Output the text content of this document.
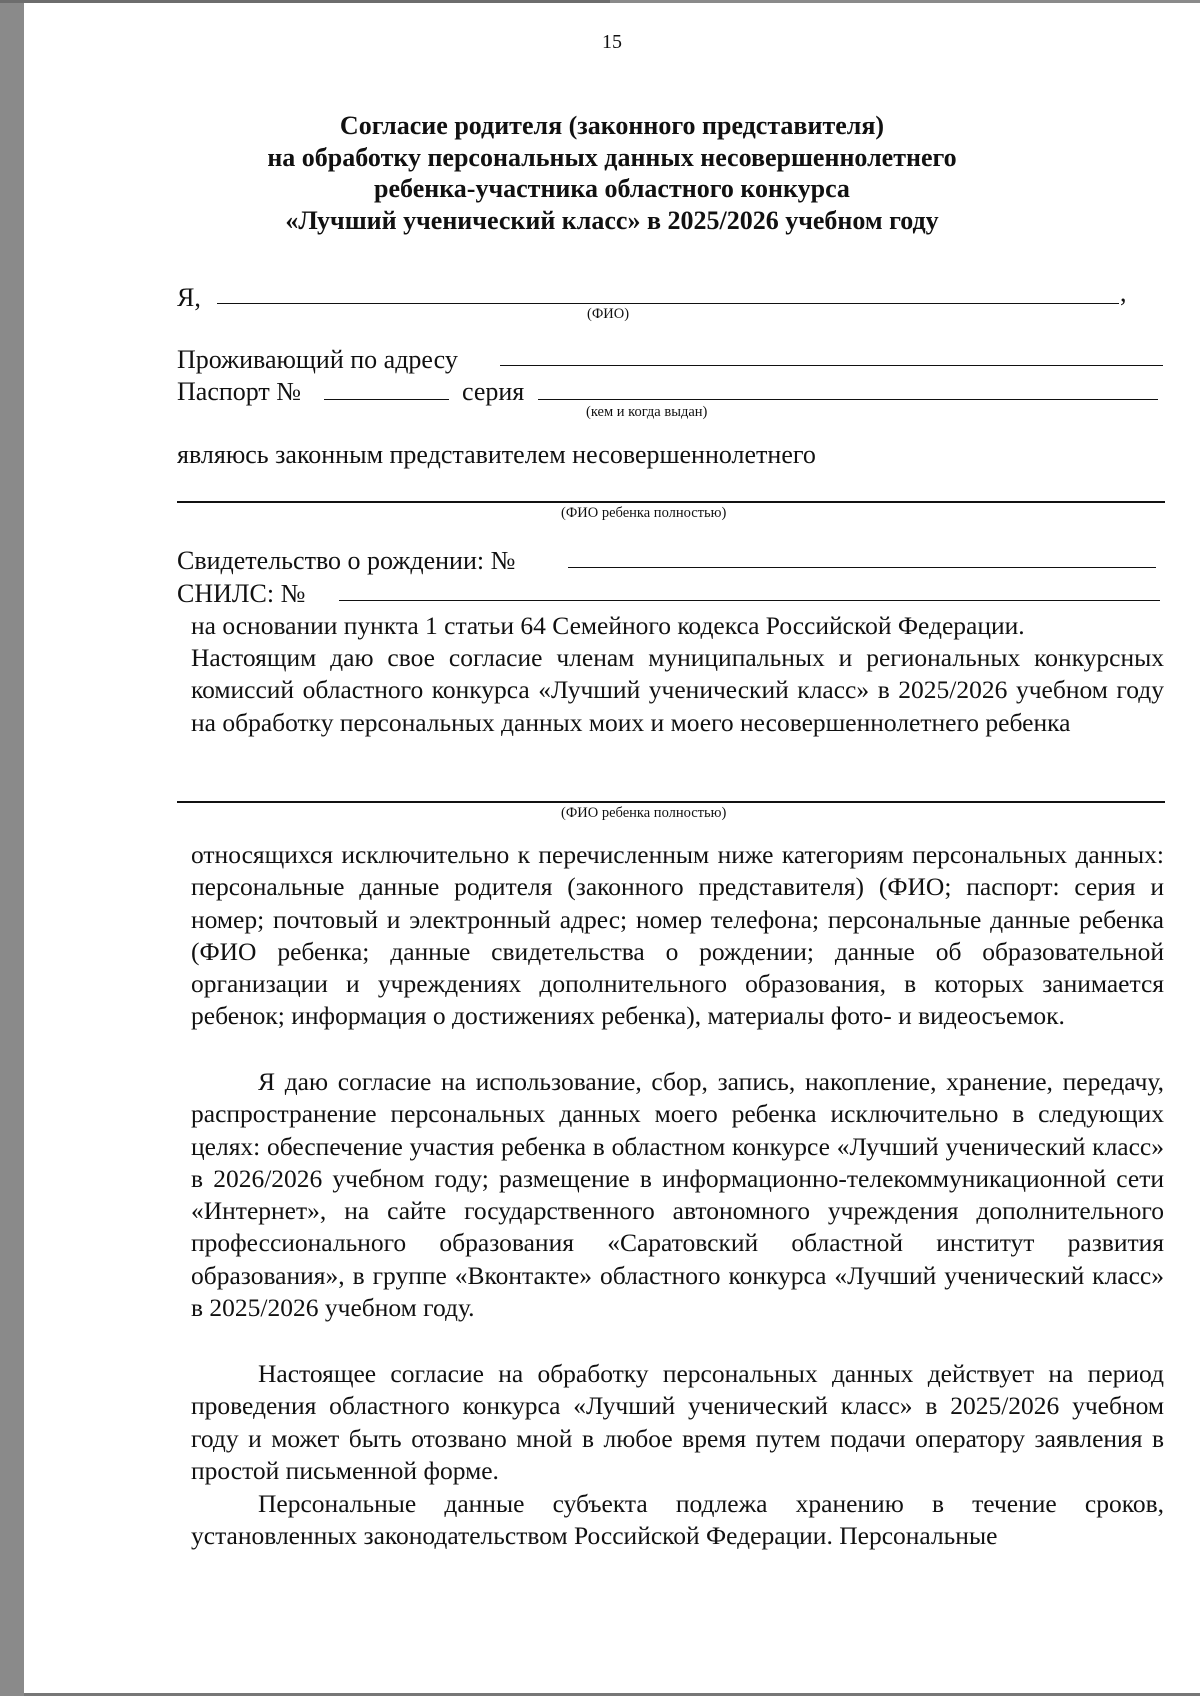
15
Согласие родителя (законного представителя)
на обработку персональных данных несовершеннолетнего
ребенка-участника областного конкурса
«Лучший ученический класс» в 2025/2026 учебном году
Я,	,
(ФИО)
Проживающий по адресу
Паспорт №	серия
(кем и когда выдан)
являюсь законным представителем несовершеннолетнего
(ФИО ребенка полностью)
Свидетельство о рождении: №
СНИЛС: №

на основании пункта 1 статьи 64 Семейного кодекса Российской Федерации.

Настоящим даю свое согласие членам муниципальных и региональных конкурсных комиссий областного конкурса «Лучший ученический класс» в 2025/2026 учебном году на обработку персональных данных моих и моего несовершеннолетнего ребенка

(ФИО ребенка полностью)

относящихся исключительно к перечисленным ниже категориям персональных данных: персональные данные родителя (законного представителя) (ФИО; паспорт: серия и номер; почтовый и электронный адрес; номер телефона; персональные данные ребенка (ФИО ребенка; данные свидетельства о рождении; данные об образовательной организации и учреждениях дополнительного образования, в которых занимается ребенок; информация о достижениях ребенка), материалы фото- и видеосъемок.

Я даю согласие на использование, сбор, запись, накопление, хранение, передачу, распространение персональных данных моего ребенка исключительно в следующих целях: обеспечение участия ребенка в областном конкурсе «Лучший ученический класс» в 2026/2026 учебном году; размещение в информационно-телекоммуникационной сети «Интернет», на сайте государственного автономного учреждения дополнительного профессионального образования «Саратовский областной институт развития образования», в группе «Вконтакте» областного конкурса «Лучший ученический класс» в 2025/2026 учебном году.

Настоящее согласие на обработку персональных данных действует на период проведения областного конкурса «Лучший ученический класс» в 2025/2026 учебном году и может быть отозвано мной в любое время путем подачи оператору заявления в простой письменной форме.

Персональные данные субъекта подлежа хранению в течение сроков, установленных законодательством Российской Федерации. Персональные
